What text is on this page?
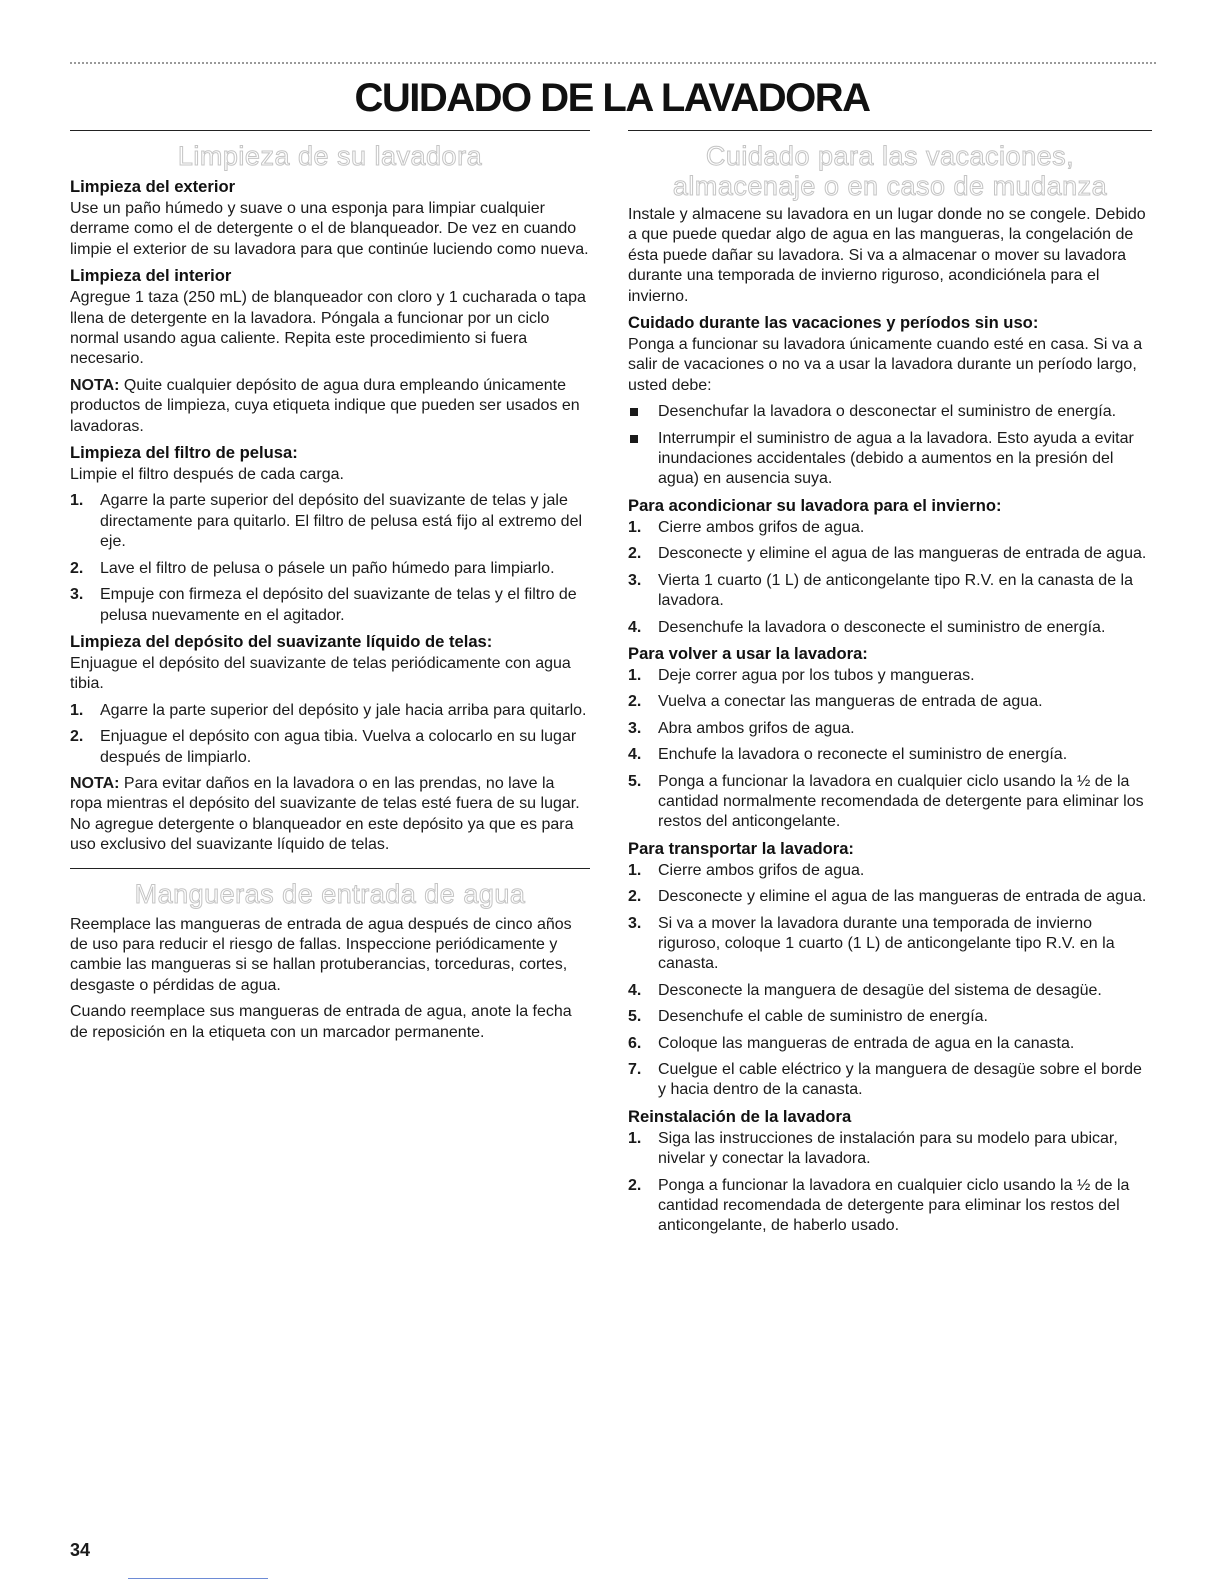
CUIDADO DE LA LAVADORA
Limpieza de su lavadora
Limpieza del exterior

Use un paño húmedo y suave o una esponja para limpiar cualquier derrame como el de detergente o el de blanqueador. De vez en cuando limpie el exterior de su lavadora para que continúe luciendo como nueva.

Limpieza del interior

Agregue 1 taza (250 mL) de blanqueador con cloro y 1 cucharada o tapa llena de detergente en la lavadora. Póngala a funcionar por un ciclo normal usando agua caliente. Repita este procedimiento si fuera necesario.

NOTA: Quite cualquier depósito de agua dura empleando únicamente productos de limpieza, cuya etiqueta indique que pueden ser usados en lavadoras.

Limpieza del filtro de pelusa:

Limpie el filtro después de cada carga.

1. Agarre la parte superior del depósito del suavizante de telas y jale directamente para quitarlo. El filtro de pelusa está fijo al extremo del eje.
2. Lave el filtro de pelusa o pásele un paño húmedo para limpiarlo.
3. Empuje con firmeza el depósito del suavizante de telas y el filtro de pelusa nuevamente en el agitador.
Limpieza del depósito del suavizante líquido de telas:

Enjuague el depósito del suavizante de telas periódicamente con agua tibia.

1. Agarre la parte superior del depósito y jale hacia arriba para quitarlo.
2. Enjuague el depósito con agua tibia. Vuelva a colocarlo en su lugar después de limpiarlo.

NOTA: Para evitar daños en la lavadora o en las prendas, no lave la ropa mientras el depósito del suavizante de telas esté fuera de su lugar. No agregue detergente o blanqueador en este depósito ya que es para uso exclusivo del suavizante líquido de telas.

Mangueras de entrada de agua

Reemplace las mangueras de entrada de agua después de cinco años de uso para reducir el riesgo de fallas. Inspeccione periódicamente y cambie las mangueras si se hallan protuberancias, torceduras, cortes, desgaste o pérdidas de agua.

Cuando reemplace sus mangueras de entrada de agua, anote la fecha de reposición en la etiqueta con un marcador permanente.

Cuidado para las vacaciones,
almacenaje o en caso de mudanza

Instale y almacene su lavadora en un lugar donde no se congele. Debido a que puede quedar algo de agua en las mangueras, la congelación de ésta puede dañar su lavadora. Si va a almacenar o mover su lavadora durante una temporada de invierno riguroso, acondiciónela para el invierno.

Cuidado durante las vacaciones y períodos sin uso:

Ponga a funcionar su lavadora únicamente cuando esté en casa. Si va a salir de vacaciones o no va a usar la lavadora durante un período largo, usted debe:

Desenchufar la lavadora o desconectar el suministro de energía.
Interrumpir el suministro de agua a la lavadora. Esto ayuda a evitar inundaciones accidentales (debido a aumentos en la presión del agua) en ausencia suya.
Para acondicionar su lavadora para el invierno:
1. Cierre ambos grifos de agua.
2. Desconecte y elimine el agua de las mangueras de entrada de agua.
3. Vierta 1 cuarto (1 L) de anticongelante tipo R.V. en la canasta de la lavadora.
4. Desenchufe la lavadora o desconecte el suministro de energía.
Para volver a usar la lavadora:
1. Deje correr agua por los tubos y mangueras.
2. Vuelva a conectar las mangueras de entrada de agua.
3. Abra ambos grifos de agua.
4. Enchufe la lavadora o reconecte el suministro de energía.
5. Ponga a funcionar la lavadora en cualquier ciclo usando la ½ de la cantidad normalmente recomendada de detergente para eliminar los restos del anticongelante.
Para transportar la lavadora:
1. Cierre ambos grifos de agua.
2. Desconecte y elimine el agua de las mangueras de entrada de agua.
3. Si va a mover la lavadora durante una temporada de invierno riguroso, coloque 1 cuarto (1 L) de anticongelante tipo R.V. en la canasta.
4. Desconecte la manguera de desagüe del sistema de desagüe.
5. Desenchufe el cable de suministro de energía.
6. Coloque las mangueras de entrada de agua en la canasta.
7. Cuelgue el cable eléctrico y la manguera de desagüe sobre el borde y hacia dentro de la canasta.
Reinstalación de la lavadora
1. Siga las instrucciones de instalación para su modelo para ubicar, nivelar y conectar la lavadora.
2. Ponga a funcionar la lavadora en cualquier ciclo usando la ½ de la cantidad recomendada de detergente para eliminar los restos del anticongelante, de haberlo usado.
34
